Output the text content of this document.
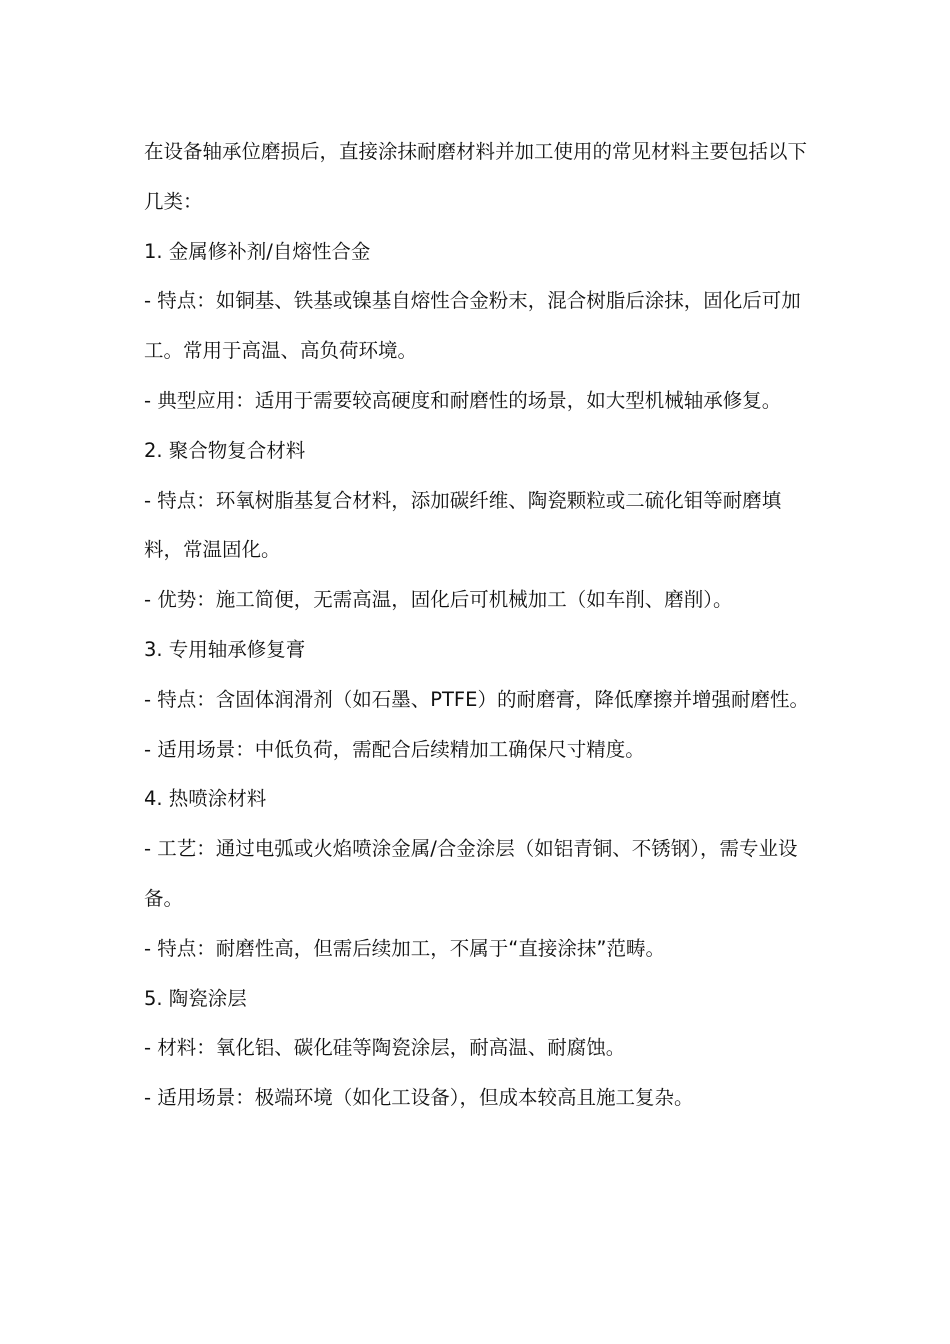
在设备轴承位磨损后，直接涂抹耐磨材料并加工使用的常见材料主要包括以下几类：

1. 金属修补剂/自熔性合金

- 特点：如铜基、铁基或镍基自熔性合金粉末，混合树脂后涂抹，固化后可加工。常用于高温、高负荷环境。

- 典型应用：适用于需要较高硬度和耐磨性的场景，如大型机械轴承修复。

2. 聚合物复合材料

- 特点：环氧树脂基复合材料，添加碳纤维、陶瓷颗粒或二硫化钼等耐磨填料，常温固化。

- 优势：施工简便，无需高温，固化后可机械加工（如车削、磨削）。

3. 专用轴承修复膏

- 特点：含固体润滑剂（如石墨、PTFE）的耐磨膏，降低摩擦并增强耐磨性。

- 适用场景：中低负荷，需配合后续精加工确保尺寸精度。

4. 热喷涂材料

- 工艺：通过电弧或火焰喷涂金属/合金涂层（如铝青铜、不锈钢），需专业设备。

- 特点：耐磨性高，但需后续加工，不属于“直接涂抹”范畴。

5. 陶瓷涂层

- 材料：氧化铝、碳化硅等陶瓷涂层，耐高温、耐腐蚀。

- 适用场景：极端环境（如化工设备），但成本较高且施工复杂。
